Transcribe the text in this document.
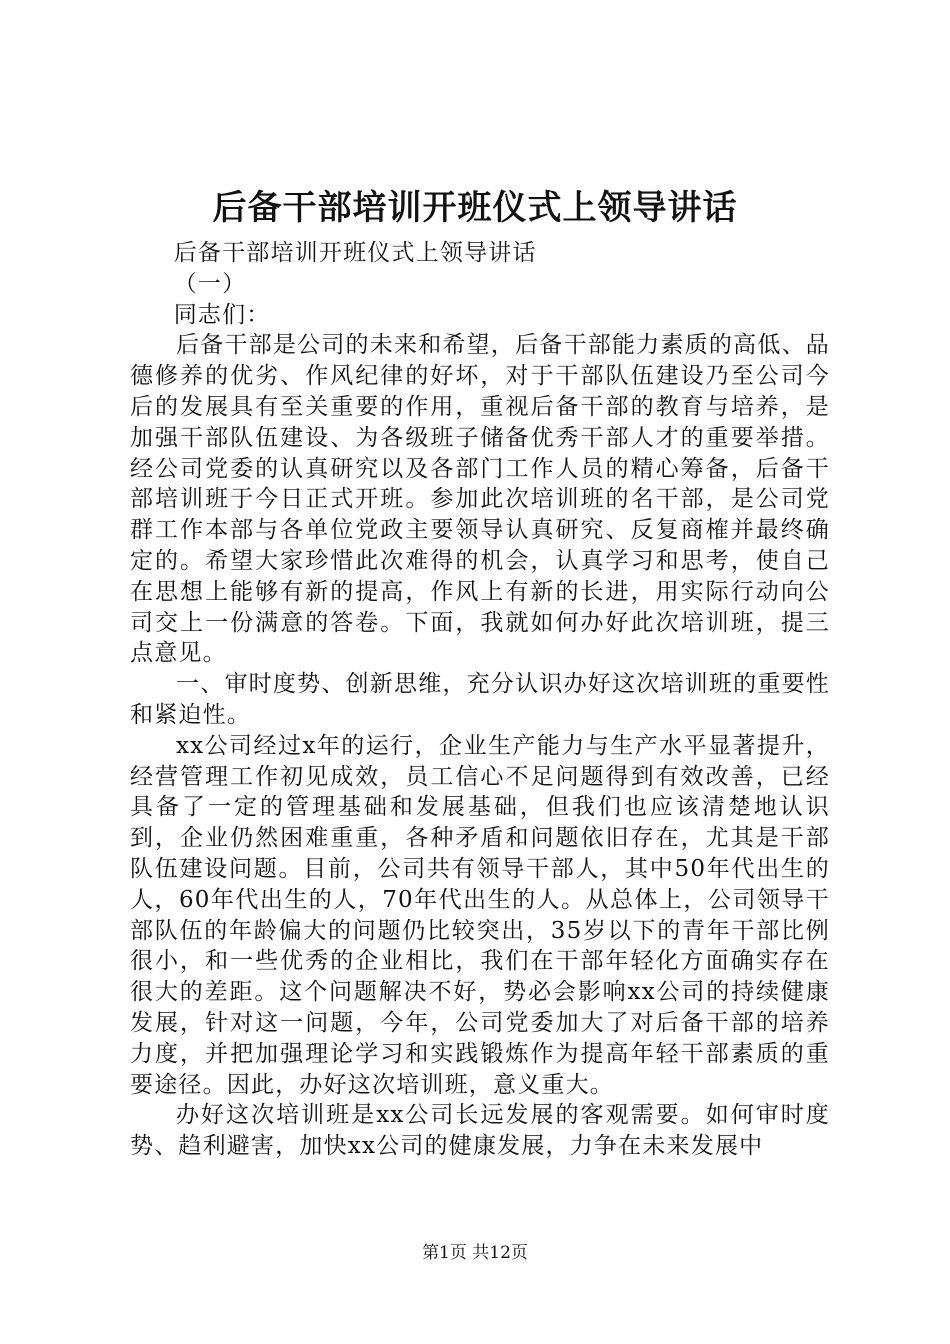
后备干部培训开班仪式上领导讲话

后备干部培训开班仪式上领导讲话

（一）

同志们：

后备干部是公司的未来和希望，后备干部能力素质的高低、品德修养的优劣、作风纪律的好坏，对于干部队伍建设乃至公司今后的发展具有至关重要的作用，重视后备干部的教育与培养，是加强干部队伍建设、为各级班子储备优秀干部人才的重要举措。经公司党委的认真研究以及各部门工作人员的精心筹备，后备干部培训班于今日正式开班。参加此次培训班的名干部，是公司党群工作本部与各单位党政主要领导认真研究、反复商榷并最终确定的。希望大家珍惜此次难得的机会，认真学习和思考，使自己在思想上能够有新的提高，作风上有新的长进，用实际行动向公司交上一份满意的答卷。下面，我就如何办好此次培训班，提三点意见。

一、审时度势、创新思维，充分认识办好这次培训班的重要性和紧迫性。

xx公司经过x年的运行，企业生产能力与生产水平显著提升，经营管理工作初见成效，员工信心不足问题得到有效改善，已经具备了一定的管理基础和发展基础，但我们也应该清楚地认识到，企业仍然困难重重，各种矛盾和问题依旧存在，尤其是干部队伍建设问题。目前，公司共有领导干部人，其中50年代出生的人，60年代出生的人，70年代出生的人。从总体上，公司领导干部队伍的年龄偏大的问题仍比较突出，35岁以下的青年干部比例很小，和一些优秀的企业相比，我们在干部年轻化方面确实存在很大的差距。这个问题解决不好，势必会影响xx公司的持续健康发展，针对这一问题，今年，公司党委加大了对后备干部的培养力度，并把加强理论学习和实践锻炼作为提高年轻干部素质的重要途径。因此，办好这次培训班，意义重大。

办好这次培训班是xx公司长远发展的客观需要。如何审时度势、趋利避害，加快xx公司的健康发展，力争在未来发展中

第1页 共12页
